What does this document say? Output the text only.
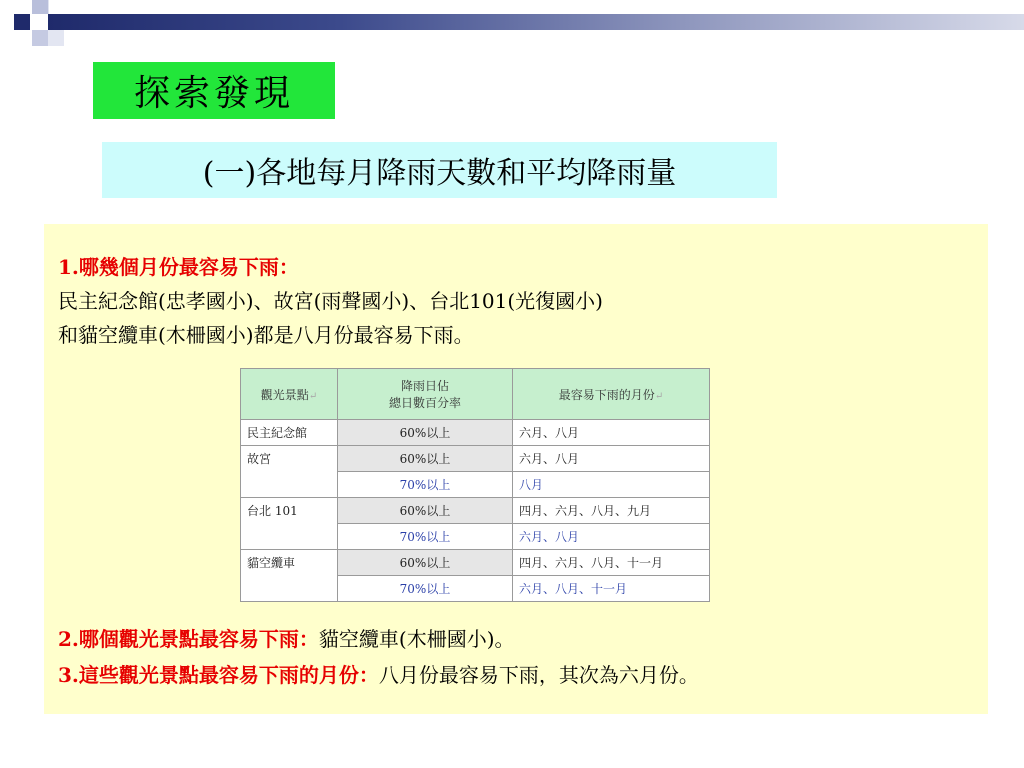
探索發現
(一)各地每月降雨天數和平均降雨量
1.哪幾個月份最容易下雨：
民主紀念館(忠孝國小)、故宮(雨聲國小)、台北101(光復國小)
和貓空纜車(木柵國小)都是八月份最容易下雨。
觀光景點↵	降雨日佔
總日數百分率	最容易下雨的月份↵
民主紀念館	60%以上	六月、八月
故宮	60%以上	六月、八月
	70%以上	八月
台北 101	60%以上	四月、六月、八月、九月
	70%以上	六月、八月
貓空纜車	60%以上	四月、六月、八月、十一月
	70%以上	六月、八月、十一月
2.哪個觀光景點最容易下雨：貓空纜車(木柵國小)。
3.這些觀光景點最容易下雨的月份：八月份最容易下雨，其次為六月份。
